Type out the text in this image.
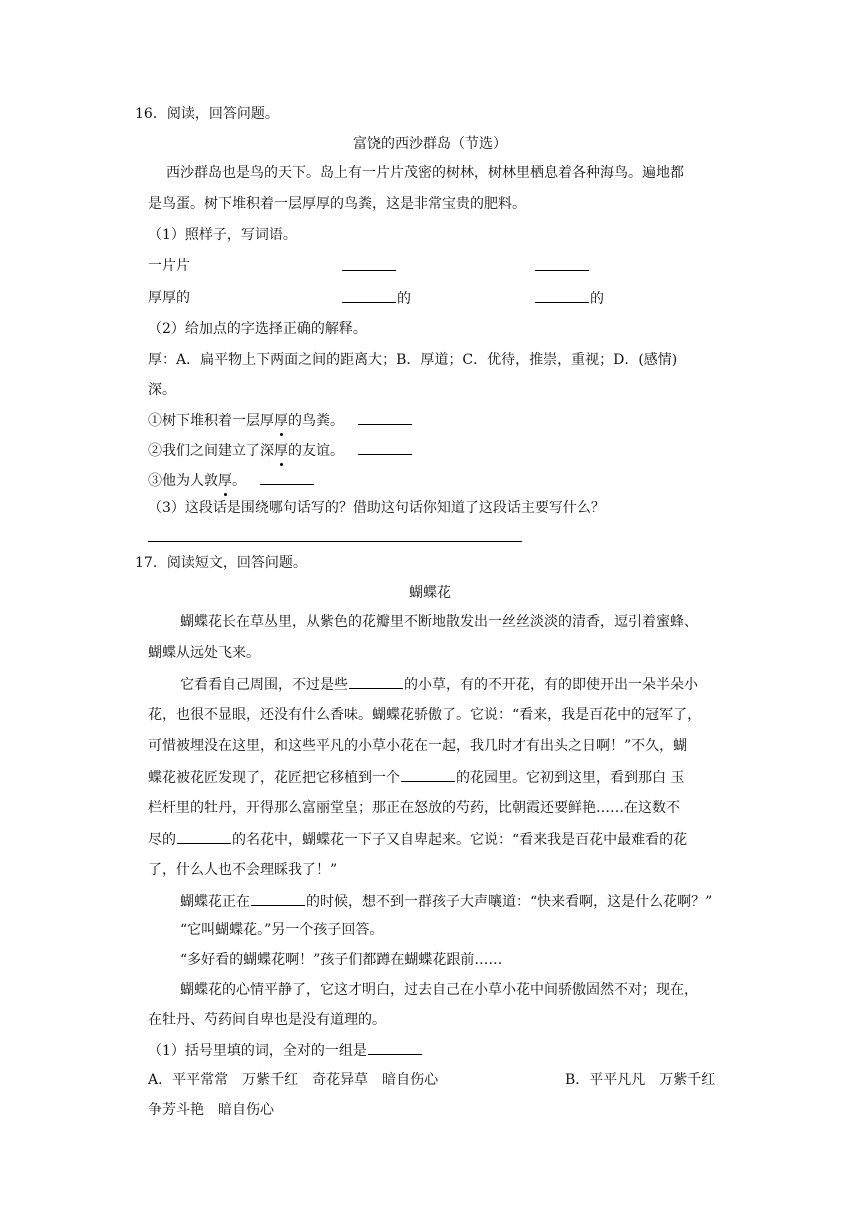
16．阅读，回答问题。
富饶的西沙群岛（节选）
西沙群岛也是鸟的天下。岛上有一片片茂密的树林，树林里栖息着各种海鸟。遍地都
是鸟蛋。树下堆积着一层厚厚的鸟粪，这是非常宝贵的肥料。
（1）照样子，写词语。
一片片
厚厚的	的	的
（2）给加点的字选择正确的解释。
厚：A．扁平物上下两面之间的距离大；B．厚道；C．优待，推崇，重视；D．(感情)
深。
①树下堆积着一层厚厚的鸟粪。
②我们之间建立了深厚的友谊。
③他为人敦厚。
（3）这段话是围绕哪句话写的？借助这句话你知道了这段话主要写什么？
17．阅读短文，回答问题。
蝴蝶花
蝴蝶花长在草丛里，从紫色的花瓣里不断地散发出一丝丝淡淡的清香，逗引着蜜蜂、
蝴蝶从远处飞来。
它看看自己周围，不过是些	的小草，有的不开花，有的即使开出一朵半朵小
花，也很不显眼，还没有什么香味。蝴蝶花骄傲了。它说：“看来，我是百花中的冠军了，
可惜被埋没在这里，和这些平凡的小草小花在一起，我几时才有出头之日啊！”不久，蝴
蝶花被花匠发现了，花匠把它移植到一个	的花园里。它初到这里，看到那白 玉
栏杆里的牡丹，开得那么富丽堂皇；那正在怒放的芍药，比朝霞还要鲜艳……在这数不
尽的	的名花中，蝴蝶花一下子又自卑起来。它说：“看来我是百花中最难看的花
了，什么人也不会理睬我了！”
蝴蝶花正在	的时候，想不到一群孩子大声嚷道：“快来看啊，这是什么花啊？”
“它叫蝴蝶花。”另一个孩子回答。
“多好看的蝴蝶花啊！”孩子们都蹲在蝴蝶花跟前……
蝴蝶花的心情平静了，它这才明白，过去自己在小草小花中间骄傲固然不对；现在，
在牡丹、芍药间自卑也是没有道理的。
（1）括号里填的词，全对的一组是
A．平平常常　万紫千红　奇花异草　暗自伤心	B．平平凡凡　万紫千红
争芳斗艳　暗自伤心
